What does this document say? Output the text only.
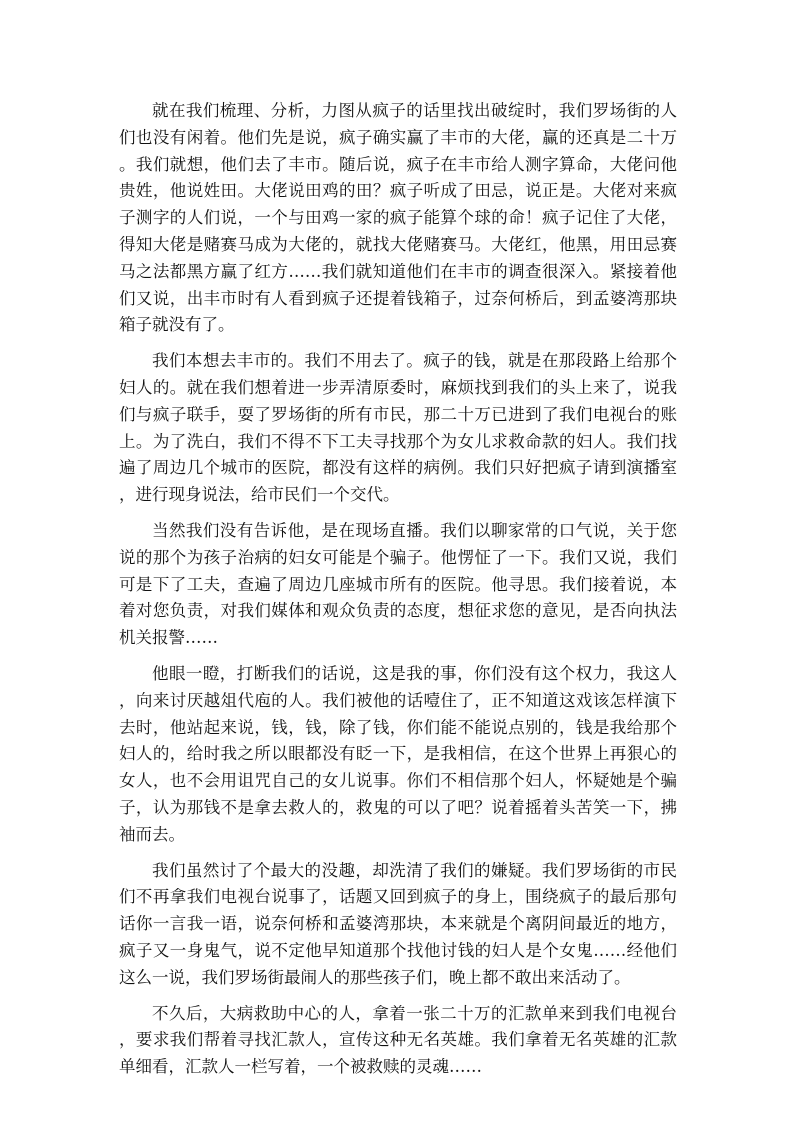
就在我们梳理、分析，力图从疯子的话里找出破绽时，我们罗场街的人们也没有闲着。他们先是说，疯子确实赢了丰市的大佬，赢的还真是二十万。我们就想，他们去了丰市。随后说，疯子在丰市给人测字算命，大佬问他贵姓，他说姓田。大佬说田鸡的田？疯子听成了田忌，说正是。大佬对来疯子测字的人们说，一个与田鸡一家的疯子能算个球的命！疯子记住了大佬，得知大佬是赌赛马成为大佬的，就找大佬赌赛马。大佬红，他黑，用田忌赛马之法都黑方赢了红方……我们就知道他们在丰市的调查很深入。紧接着他们又说，出丰市时有人看到疯子还提着钱箱子，过奈何桥后，到孟婆湾那块箱子就没有了。

我们本想去丰市的。我们不用去了。疯子的钱，就是在那段路上给那个妇人的。就在我们想着进一步弄清原委时，麻烦找到我们的头上来了，说我们与疯子联手，耍了罗场街的所有市民，那二十万已进到了我们电视台的账上。为了洗白，我们不得不下工夫寻找那个为女儿求救命款的妇人。我们找遍了周边几个城市的医院，都没有这样的病例。我们只好把疯子请到演播室，进行现身说法，给市民们一个交代。

当然我们没有告诉他，是在现场直播。我们以聊家常的口气说，关于您说的那个为孩子治病的妇女可能是个骗子。他愣怔了一下。我们又说，我们可是下了工夫，查遍了周边几座城市所有的医院。他寻思。我们接着说，本着对您负责，对我们媒体和观众负责的态度，想征求您的意见，是否向执法机关报警……

他眼一瞪，打断我们的话说，这是我的事，你们没有这个权力，我这人，向来讨厌越俎代庖的人。我们被他的话噎住了，正不知道这戏该怎样演下去时，他站起来说，钱，钱，除了钱，你们能不能说点别的，钱是我给那个妇人的，给时我之所以眼都没有眨一下，是我相信，在这个世界上再狠心的女人，也不会用诅咒自己的女儿说事。你们不相信那个妇人，怀疑她是个骗子，认为那钱不是拿去救人的，救鬼的可以了吧？说着摇着头苦笑一下，拂袖而去。

我们虽然讨了个最大的没趣，却洗清了我们的嫌疑。我们罗场街的市民们不再拿我们电视台说事了，话题又回到疯子的身上，围绕疯子的最后那句话你一言我一语，说奈何桥和孟婆湾那块，本来就是个离阴间最近的地方，疯子又一身鬼气，说不定他早知道那个找他讨钱的妇人是个女鬼……经他们这么一说，我们罗场街最闹人的那些孩子们，晚上都不敢出来活动了。

不久后，大病救助中心的人，拿着一张二十万的汇款单来到我们电视台，要求我们帮着寻找汇款人，宣传这种无名英雄。我们拿着无名英雄的汇款单细看，汇款人一栏写着，一个被救赎的灵魂……
